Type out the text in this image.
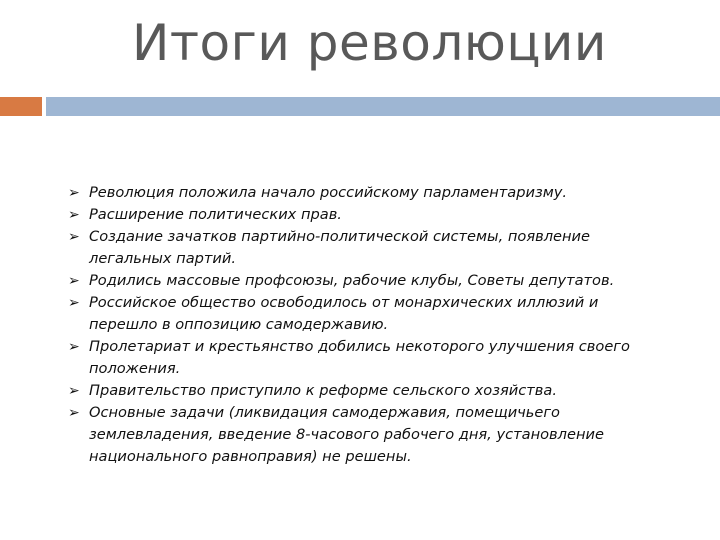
Итоги революции
➢ Революция положила начало российскому парламентаризму.
➢ Расширение политических прав.
➢ Создание зачатков партийно-политической системы, появление легальных партий.
➢ Родились массовые профсоюзы, рабочие клубы, Советы депутатов.
➢ Российское общество освободилось от монархических иллюзий и перешло в оппозицию самодержавию.
➢ Пролетариат и крестьянство добились некоторого улучшения своего положения.
➢ Правительство приступило к реформе сельского хозяйства.
➢ Основные задачи (ликвидация самодержавия, помещичьего землевладения, введение 8-часового рабочего дня, установление национального равноправия) не решены.
